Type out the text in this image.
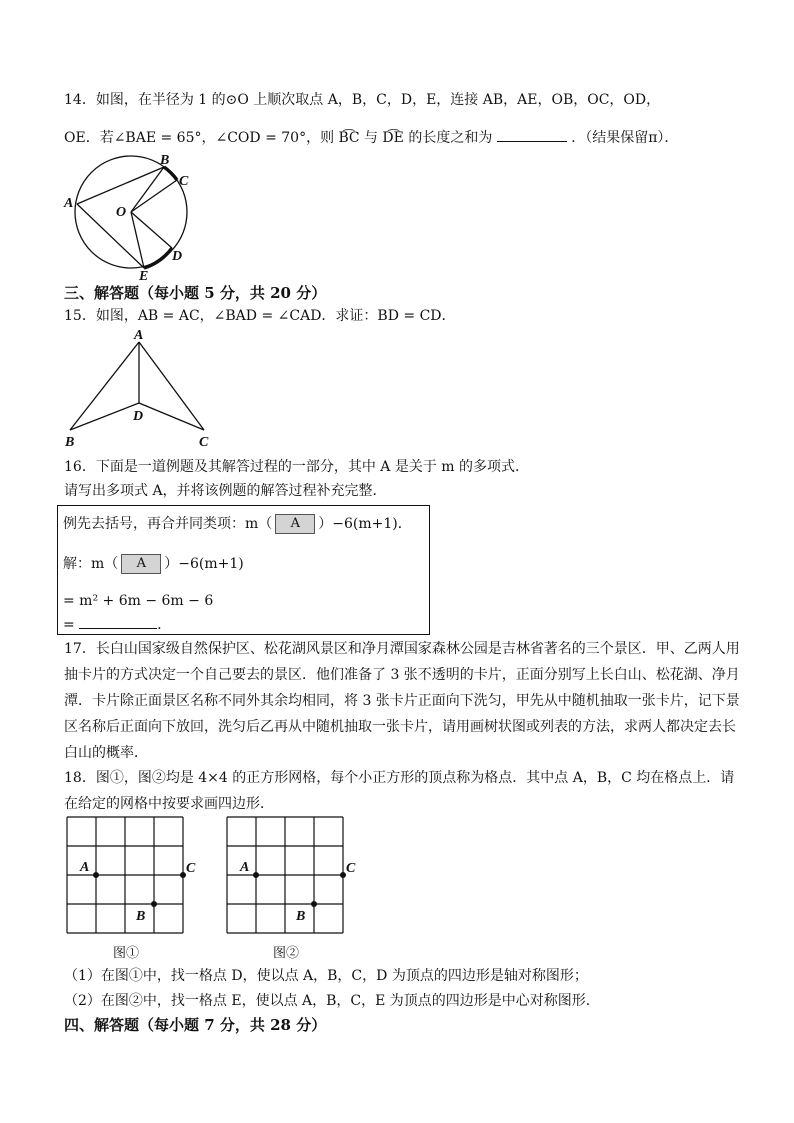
14．如图，在半径为 1 的⊙O 上顺次取点 A，B，C，D，E，连接 AB，AE，OB，OC，OD，
OE．若∠BAE = 65°，∠COD = 70°，则 B͡C 与 D͡E 的长度之和为	．（结果保留π）．
A
B
C
O
D
E
三、解答题（每小题 5 分，共 20 分）
15．如图，AB = AC，∠BAD = ∠CAD．求证：BD = CD．
A
D
B	C
16．下面是一道例题及其解答过程的一部分，其中 A 是关于 m 的多项式．
请写出多项式 A，并将该例题的解答过程补充完整．
例先去括号，再合并同类项：m（ A ）−6(m+1)．
解：m（ A ）−6(m+1)
= m² + 6m − 6m − 6
=	．
17．长白山国家级自然保护区、松花湖风景区和净月潭国家森林公园是吉林省著名的三个景区．甲、乙两人用
抽卡片的方式决定一个自己要去的景区．他们准备了 3 张不透明的卡片，正面分别写上长白山、松花湖、净月
潭．卡片除正面景区名称不同外其余均相同，将 3 张卡片正面向下洗匀，甲先从中随机抽取一张卡片，记下景
区名称后正面向下放回，洗匀后乙再从中随机抽取一张卡片，请用画树状图或列表的方法，求两人都决定去长
白山的概率．
18．图①，图②均是 4×4 的正方形网格，每个小正方形的顶点称为格点．其中点 A，B，C 均在格点上．请
在给定的网格中按要求画四边形．
A	C
B
图①
A	C
B
图②
（1）在图①中，找一格点 D，使以点 A，B，C，D 为顶点的四边形是轴对称图形；
（2）在图②中，找一格点 E，使以点 A，B，C，E 为顶点的四边形是中心对称图形．
四、解答题（每小题 7 分，共 28 分）
